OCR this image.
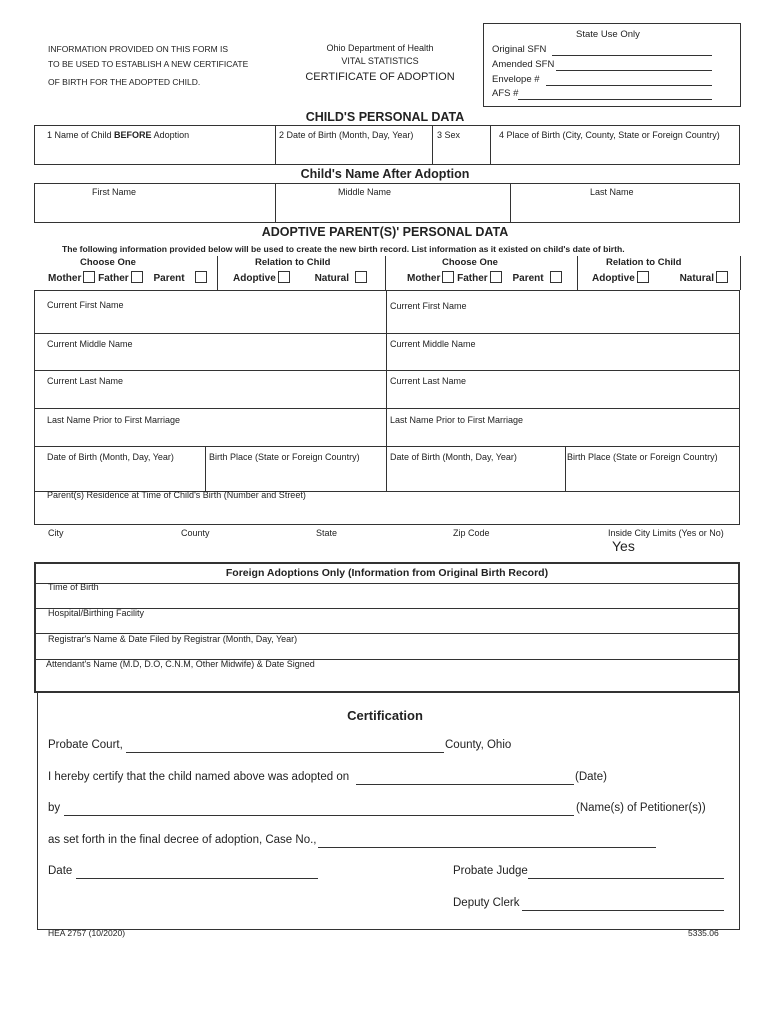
INFORMATION PROVIDED ON THIS FORM IS
TO BE USED TO ESTABLISH A NEW CERTIFICATE
OF BIRTH FOR THE ADOPTED CHILD.
Ohio Department of Health
VITAL STATISTICS
CERTIFICATE OF ADOPTION
State Use Only
Original SFN
Amended SFN
Envelope #
AFS #
CHILD'S PERSONAL DATA
1 Name of Child BEFORE Adoption	2 Date of Birth (Month, Day, Year)	3 Sex	4 Place of Birth (City, County, State or Foreign Country)
Child's Name After Adoption
First Name	Middle Name	Last Name
ADOPTIVE PARENT(S)' PERSONAL DATA
The following information provided below will be used to create the new birth record. List information as it existed on child's date of birth.
Choose One	Relation to Child
Mother Father Parent	Adoptive	Natural
Choose One	Relation to Child
Mother Father Parent	Adoptive	Natural
Current First Name	Current First Name
Current Middle Name	Current Middle Name
Current Last Name	Current Last Name
Last Name Prior to First Marriage	Last Name Prior to First Marriage
Date of Birth (Month, Day, Year)	Birth Place (State or Foreign Country)	Date of Birth (Month, Day, Year)	Birth Place (State or Foreign Country)
Parent(s) Residence at Time of Child's Birth (Number and Street)
City	County	State	Zip Code	Inside City Limits (Yes or No)
Yes
Foreign Adoptions Only (Information from Original Birth Record)
Time of Birth
Hospital/Birthing Facility
Registrar's Name & Date Filed by Registrar (Month, Day, Year)
Attendant's Name (M.D, D.O, C.N.M, Other Midwife) & Date Signed
Certification
Probate Court,	County, Ohio
I hereby certify that the child named above was adopted on	(Date)
by	(Name(s) of Petitioner(s))
as set forth in the final decree of adoption, Case No.,
Date	Probate Judge
Deputy Clerk
HEA 2757 (10/2020)	5335.06
